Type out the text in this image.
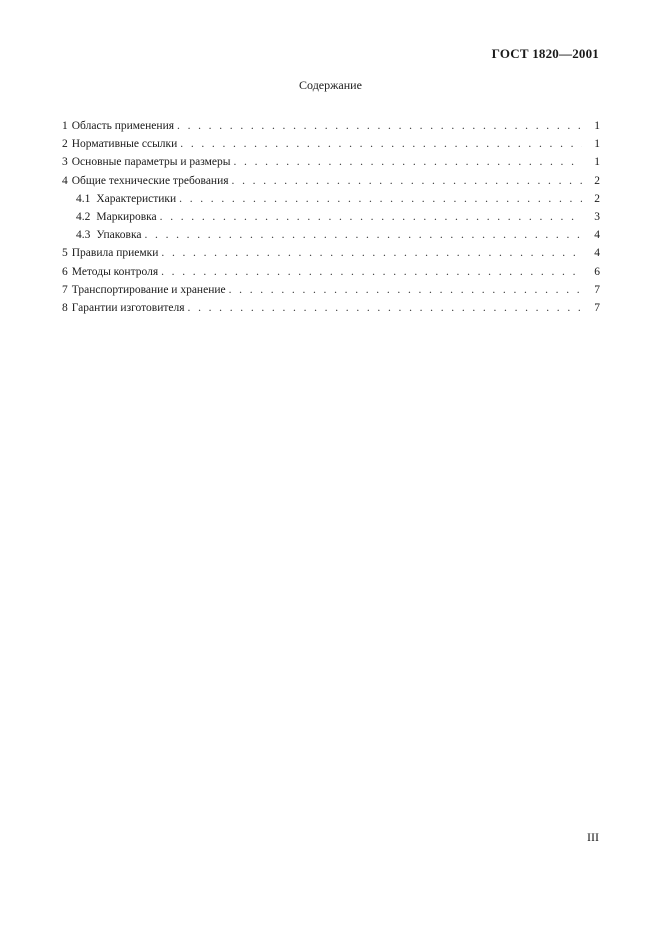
ГОСТ 1820—2001
Содержание
1 Область применения . . .	1
2 Нормативные ссылки . . .	1
3 Основные параметры и размеры . . .	1
4 Общие технические требования . . .	2
4.1 Характеристики . . .	2
4.2 Маркировка . . .	3
4.3 Упаковка . . .	4
5 Правила приемки . . .	4
6 Методы контроля . . .	6
7 Транспортирование и хранение . . .	7
8 Гарантии изготовителя . . .	7
III
